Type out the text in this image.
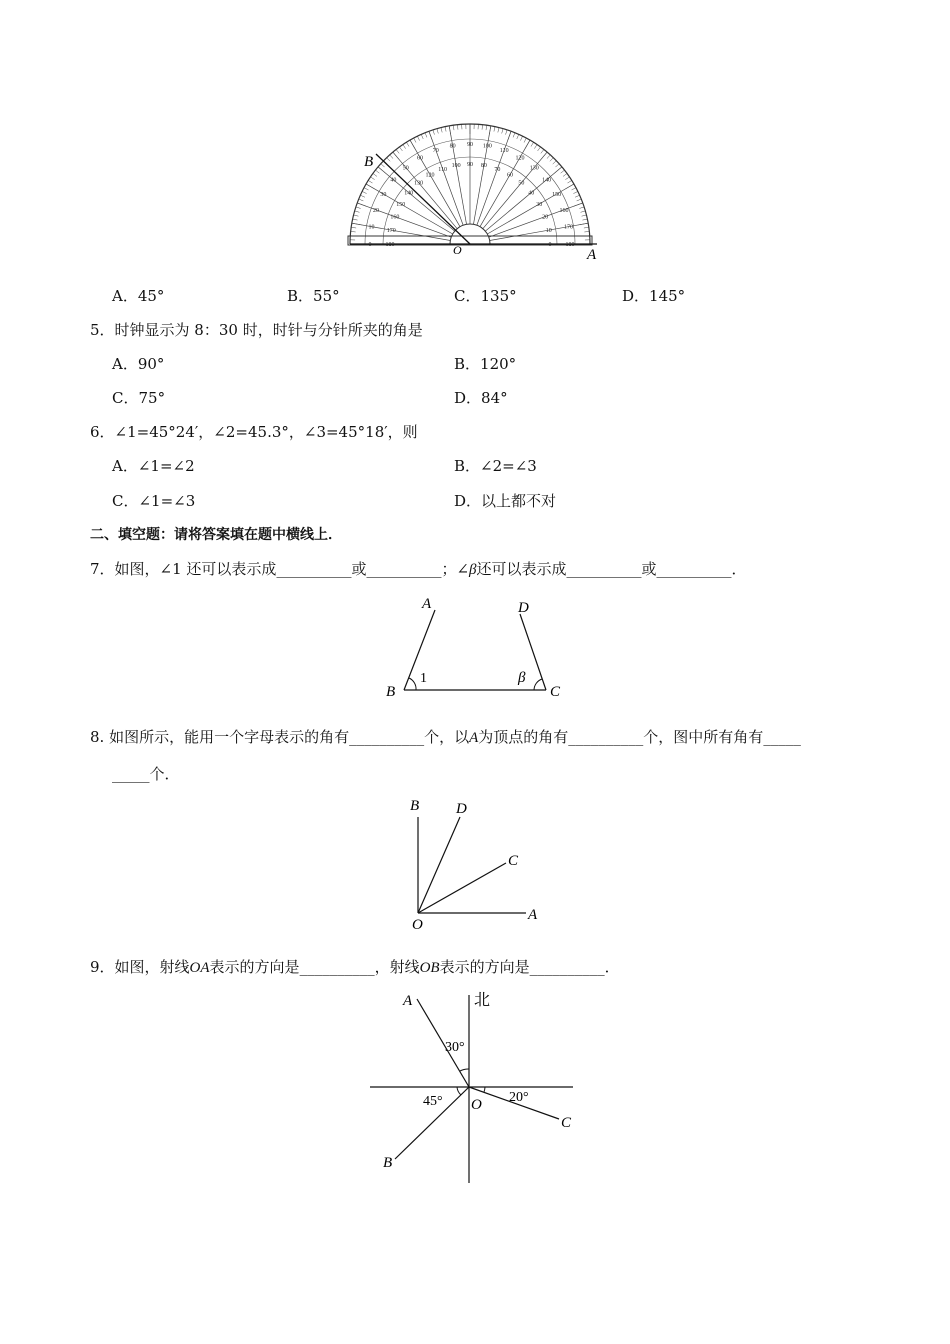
0
10
20
30
40
50
60
70
80 90 100
110
120
130
140
150
160
170
180
180
170
160
150
140
130
120
110
100 90 80
70
60
50
40
30
20
10
0
B
O	A
A．45°	B．55°	C．135°	D．145°
5．时钟显示为 8：30 时，时针与分针所夹的角是
A．90°	B．120°
C．75°	D．84°
6．∠1=45°24′，∠2=45.3°，∠3=45°18′，则
A．∠1=∠2	B．∠2=∠3
C．∠1=∠3	D．以上都不对
二、填空题：请将答案填在题中横线上．
7．如图，∠1 还可以表示成__________或__________；∠β还可以表示成__________或__________．
A	D
B	C
1	β
8. 如图所示，能用一个字母表示的角有__________个，以A为顶点的角有__________个，图中所有角有_____
_____个．
B D
C
O
A
9．如图，射线OA表示的方向是__________，射线OB表示的方向是__________．
A	北
30°
45° O 20°
C
B
